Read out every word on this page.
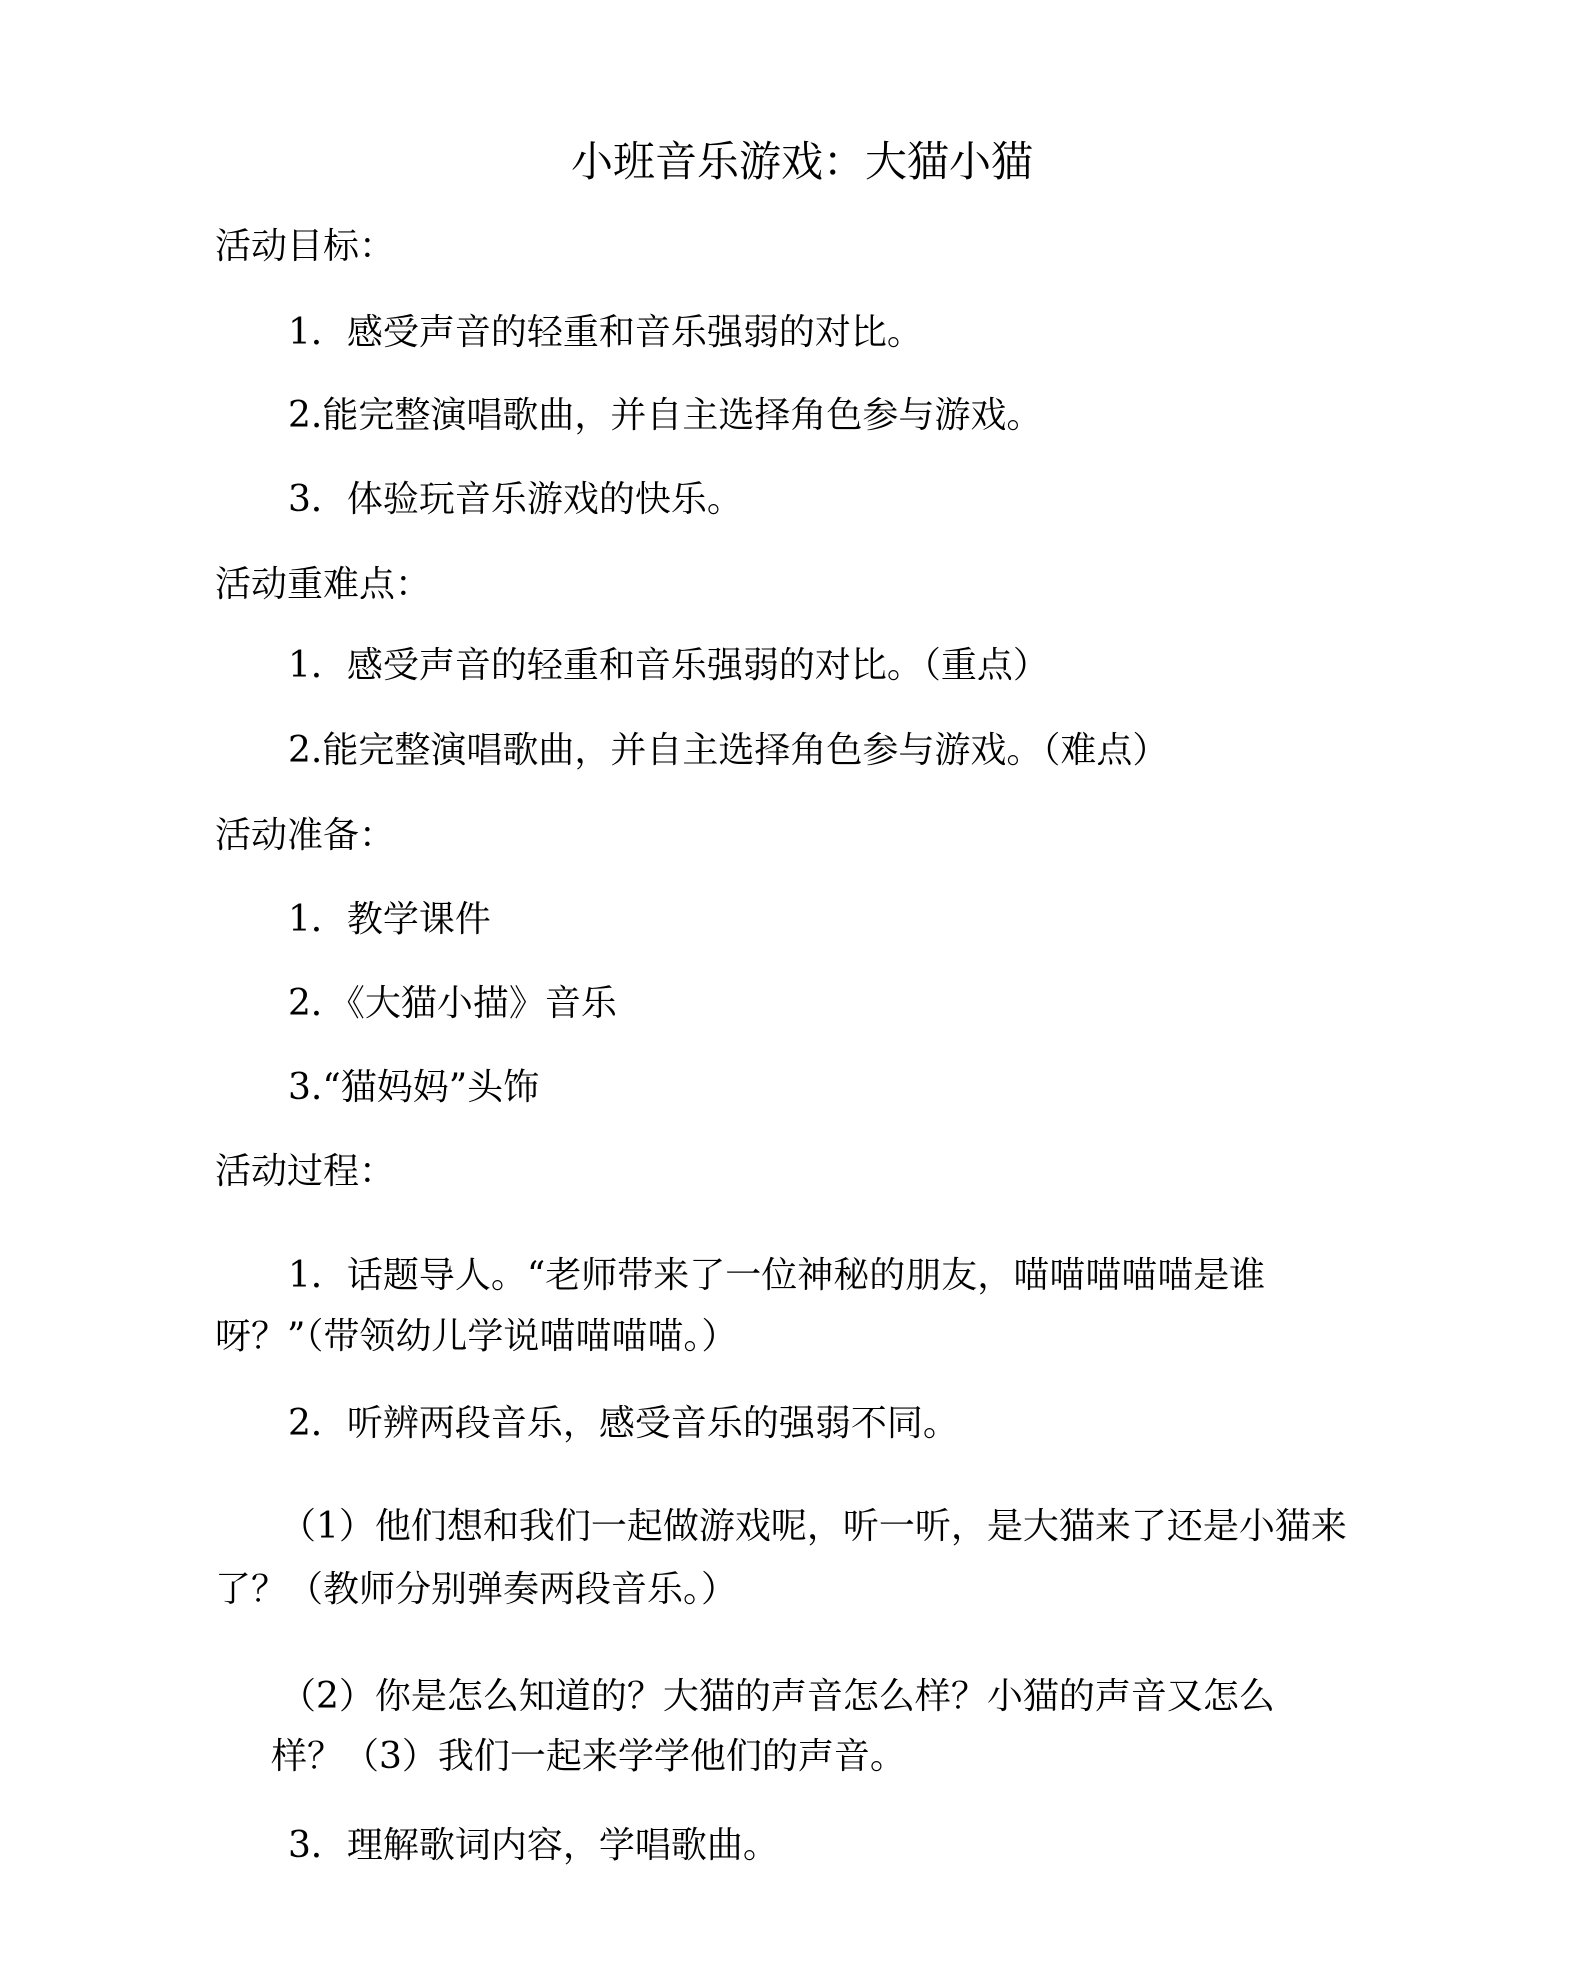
小班音乐游戏：大猫小猫
活动目标：
1．感受声音的轻重和音乐强弱的对比。
2.能完整演唱歌曲，并自主选择角色参与游戏。
3．体验玩音乐游戏的快乐。
活动重难点：
1．感受声音的轻重和音乐强弱的对比。（重点）
2.能完整演唱歌曲，并自主选择角色参与游戏。（难点）
活动准备：
1．教学课件
2．《大猫小描》音乐
3.“猫妈妈”头饰
活动过程：
1．话题导人。“老师带来了一位神秘的朋友，喵喵喵喵喵是谁
呀？”（带领幼儿学说喵喵喵喵。）
2．听辨两段音乐，感受音乐的强弱不同。
（1）他们想和我们一起做游戏呢，听一听，是大猫来了还是小猫来
了？（教师分别弹奏两段音乐。）
（2）你是怎么知道的？大猫的声音怎么样？小猫的声音又怎么
样？（3）我们一起来学学他们的声音。
3．理解歌词内容，学唱歌曲。
